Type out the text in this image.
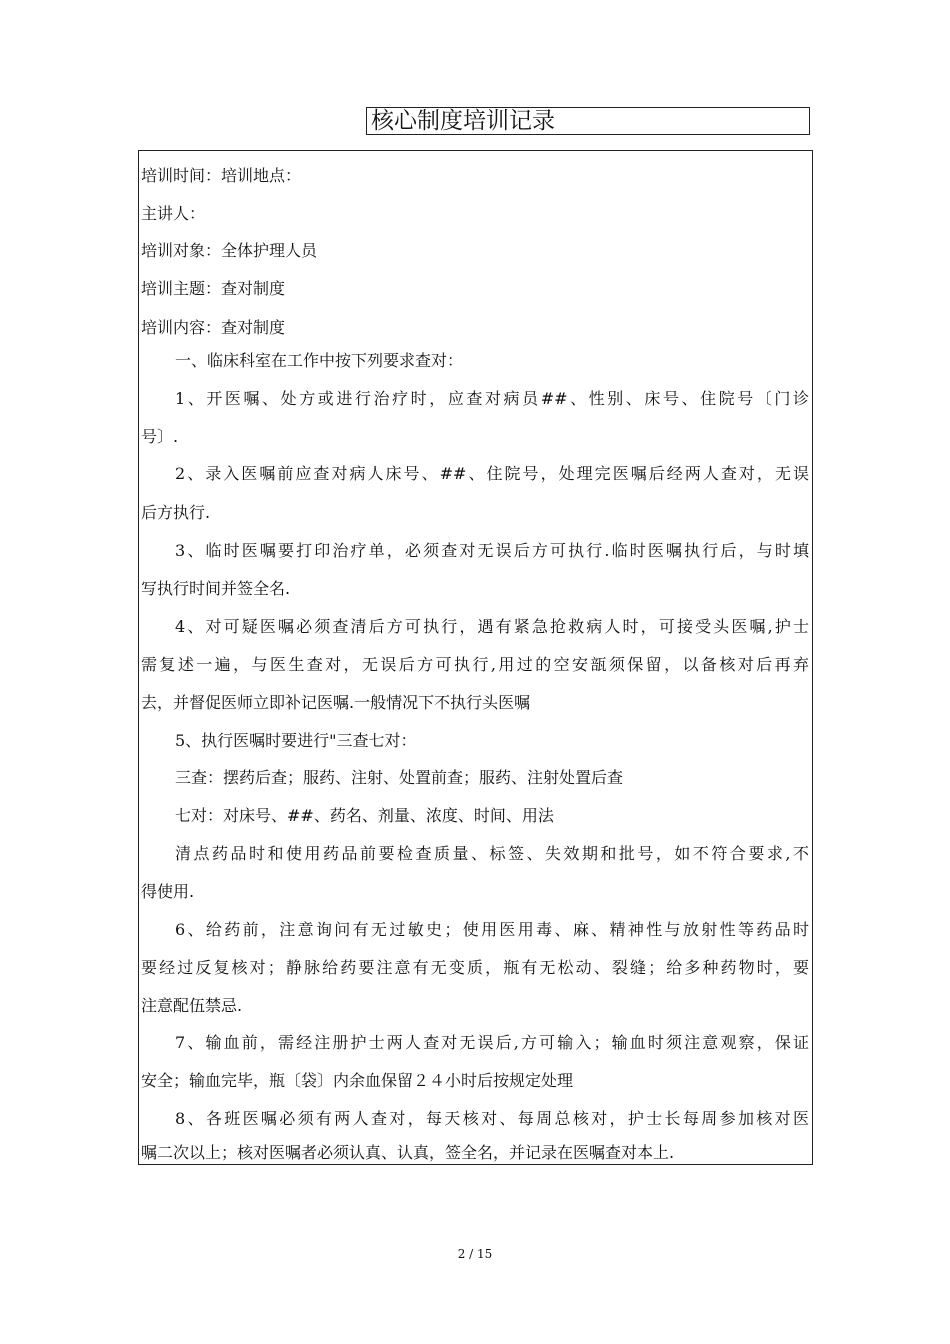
核心制度培训记录
培训时间：培训地点：
主讲人：
培训对象：全体护理人员
培训主题：查对制度
培训内容：查对制度
一、临床科室在工作中按下列要求查对：
1、开医嘱、处方或进行治疗时，应查对病员##、性别、床号、住院号〔门诊
号〕.
2、录入医嘱前应查对病人床号、##、住院号，处理完医嘱后经两人查对，无误
后方执行.
3、临时医嘱要打印治疗单，必须查对无误后方可执行.临时医嘱执行后，与时填
写执行时间并签全名.
4、对可疑医嘱必须查清后方可执行，遇有紧急抢救病人时，可接受头医嘱,护士
需复述一遍，与医生查对，无误后方可执行,用过的空安瓿须保留，以备核对后再弃
去，并督促医师立即补记医嘱.一般情况下不执行头医嘱
5、执行医嘱时要进行"三查七对：
三查：摆药后查；服药、注射、处置前查；服药、注射处置后查
七对：对床号、##、药名、剂量、浓度、时间、用法
清点药品时和使用药品前要检查质量、标签、失效期和批号，如不符合要求,不
得使用.
6、给药前，注意询问有无过敏史；使用医用毒、麻、精神性与放射性等药品时
要经过反复核对；静脉给药要注意有无变质，瓶有无松动、裂缝；给多种药物时，要
注意配伍禁忌.
7、输血前，需经注册护士两人查对无误后,方可输入；输血时须注意观察，保证
安全；输血完毕，瓶〔袋〕内余血保留２４小时后按规定处理
8、各班医嘱必须有两人查对，每天核对、每周总核对，护士长每周参加核对医
嘱二次以上；核对医嘱者必须认真、认真，签全名，并记录在医嘱查对本上.
2 / 15
